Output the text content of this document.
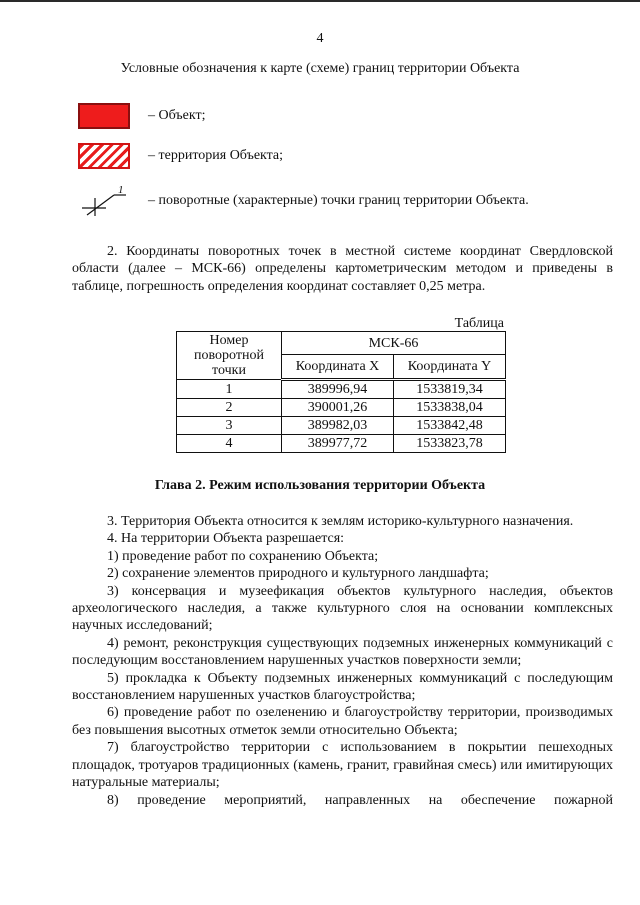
4
Условные обозначения к карте (схеме) границ территории Объекта
– Объект;
– территория Объекта;
1
– поворотные (характерные) точки границ территории Объекта.

2. Координаты поворотных точек в местной системе координат Свердловской области (далее – МСК-66) определены картометрическим методом и приведены в таблице, погрешность определения координат составляет 0,25 метра.

Таблица
Номер поворотной точки	МСК-66	
	Координата X	Координата Y
1	389996,94	1533819,34
2	390001,26	1533838,04
3	389982,03	1533842,48
4	389977,72	1533823,78
Глава 2. Режим использования территории Объекта

3. Территория Объекта относится к землям историко-культурного назначения.

4. На территории Объекта разрешается:

1) проведение работ по сохранению Объекта;

2) сохранение элементов природного и культурного ландшафта;

3) консервация и музеефикация объектов культурного наследия, объектов археологического наследия, а также культурного слоя на основании комплексных научных исследований;

4) ремонт, реконструкция существующих подземных инженерных коммуникаций с последующим восстановлением нарушенных участков поверхности земли;

5) прокладка к Объекту подземных инженерных коммуникаций с последующим восстановлением нарушенных участков благоустройства;

6) проведение работ по озеленению и благоустройству территории, производимых без повышения высотных отметок земли относительно Объекта;

7) благоустройство территории с использованием в покрытии пешеходных площадок, тротуаров традиционных (камень, гранит, гравийная смесь) или имитирующих натуральные материалы;

8) проведение мероприятий, направленных на обеспечение пожарной
